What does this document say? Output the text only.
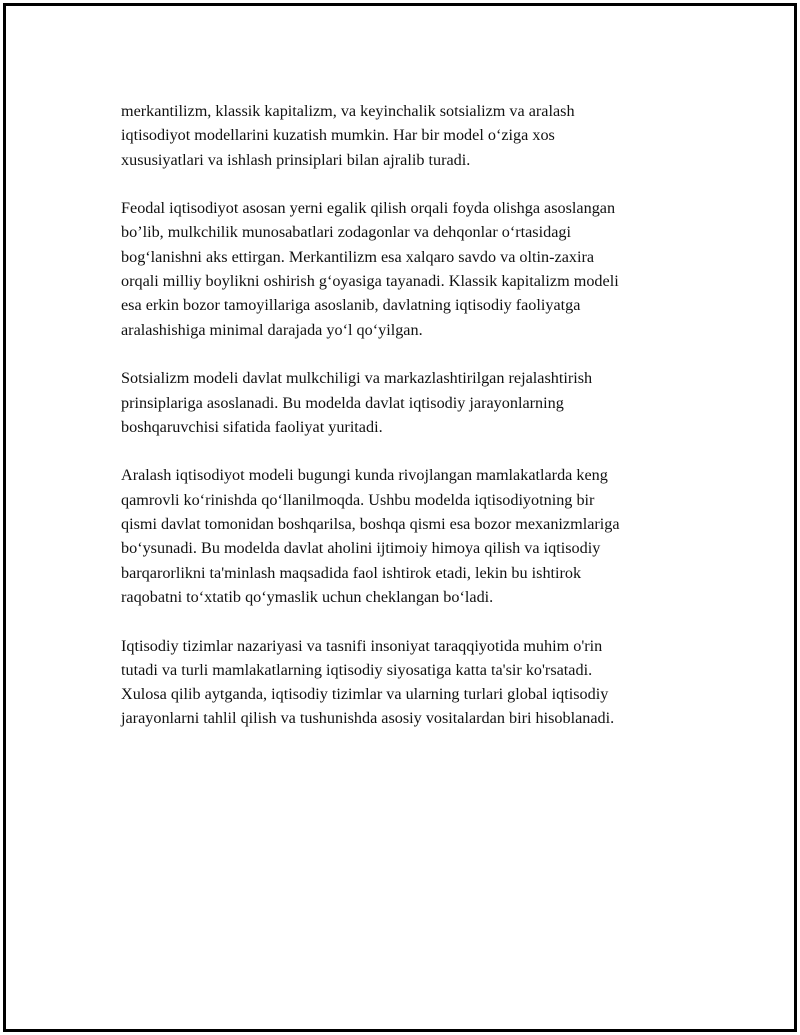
merkantilizm, klassik kapitalizm, va keyinchalik sotsializm va aralash
iqtisodiyot modellarini kuzatish mumkin. Har bir model o‘ziga xos
xususiyatlari va ishlash prinsiplari bilan ajralib turadi.

Feodal iqtisodiyot asosan yerni egalik qilish orqali foyda olishga asoslangan
bo’lib, mulkchilik munosabatlari zodagonlar va dehqonlar o‘rtasidagi
bog‘lanishni aks ettirgan. Merkantilizm esa xalqaro savdo va oltin-zaxira
orqali milliy boylikni oshirish g‘oyasiga tayanadi. Klassik kapitalizm modeli
esa erkin bozor tamoyillariga asoslanib, davlatning iqtisodiy faoliyatga
aralashishiga minimal darajada yo‘l qo‘yilgan.

Sotsializm modeli davlat mulkchiligi va markazlashtirilgan rejalashtirish
prinsiplariga asoslanadi. Bu modelda davlat iqtisodiy jarayonlarning
boshqaruvchisi sifatida faoliyat yuritadi.

Aralash iqtisodiyot modeli bugungi kunda rivojlangan mamlakatlarda keng
qamrovli ko‘rinishda qo‘llanilmoqda. Ushbu modelda iqtisodiyotning bir
qismi davlat tomonidan boshqarilsa, boshqa qismi esa bozor mexanizmlariga
bo‘ysunadi. Bu modelda davlat aholini ijtimoiy himoya qilish va iqtisodiy
barqarorlikni ta'minlash maqsadida faol ishtirok etadi, lekin bu ishtirok
raqobatni to‘xtatib qo‘ymaslik uchun cheklangan bo‘ladi.

Iqtisodiy tizimlar nazariyasi va tasnifi insoniyat taraqqiyotida muhim o'rin
tutadi va turli mamlakatlarning iqtisodiy siyosatiga katta ta'sir ko'rsatadi.
Xulosa qilib aytganda, iqtisodiy tizimlar va ularning turlari global iqtisodiy
jarayonlarni tahlil qilish va tushunishda asosiy vositalardan biri hisoblanadi.
